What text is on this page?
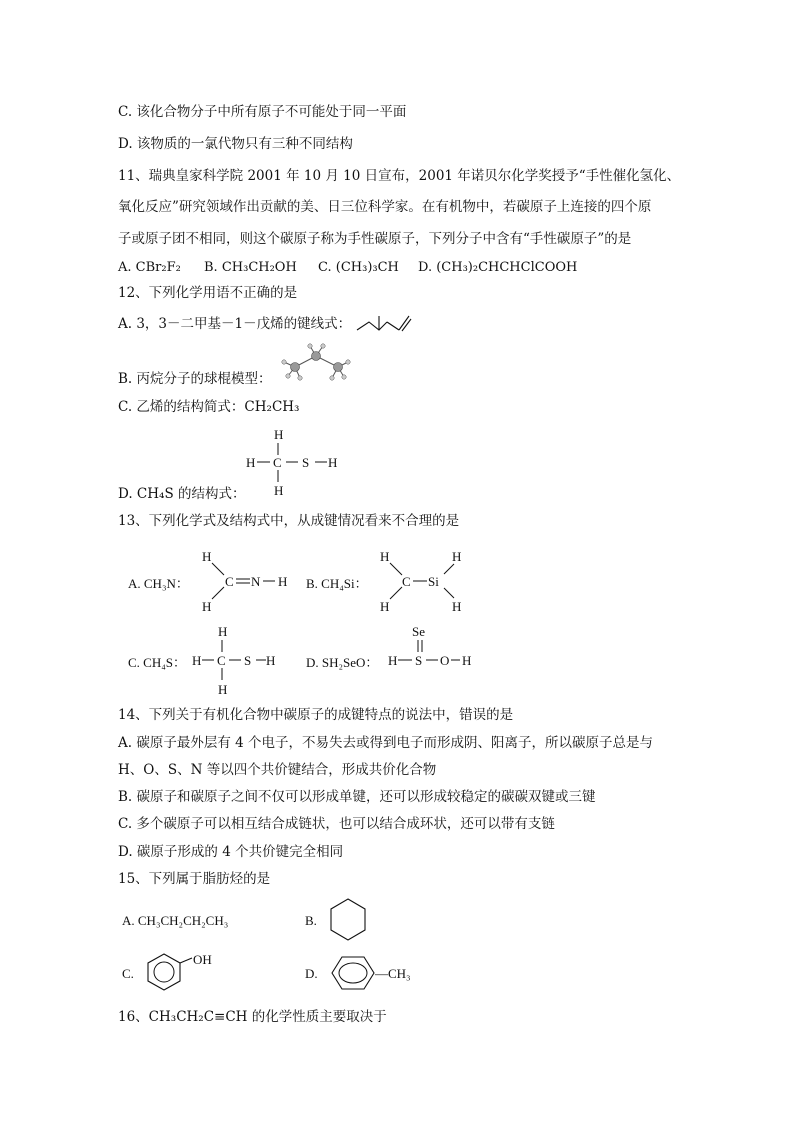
C. 该化合物分子中所有原子不可能处于同一平面
D. 该物质的一氯代物只有三种不同结构
11、瑞典皇家科学院 2001 年 10 月 10 日宣布，2001 年诺贝尔化学奖授予“手性催化氢化、
氧化反应”研究领域作出贡献的美、日三位科学家。在有机物中，若碳原子上连接的四个原
子或原子团不相同，则这个碳原子称为手性碳原子，下列分子中含有“手性碳原子”的是
A. CBr₂F₂ B. CH₃CH₂OH C. (CH₃)₃CH D. (CH₃)₂CHCHClCOOH
12、下列化学用语不正确的是
A. 3，3－二甲基－1－戊烯的键线式：
B. 丙烷分子的球棍模型：
C. 乙烯的结构简式：CH₂CH₃
H
H C S H
H
D. CH₄S 的结构式：
13、下列化学式及结构式中，从成键情况看来不合理的是
A. CH₃N：
H
H
C N H B. CH₄Si：
H
H
C Si
H
H
C. CH₄S：
H
H C S H
H
D. SH₂SeO：
Se
H S O H
14、下列关于有机化合物中碳原子的成键特点的说法中，错误的是
A. 碳原子最外层有 4 个电子，不易失去或得到电子而形成阴、阳离子，所以碳原子总是与
H、O、S、N 等以四个共价键结合，形成共价化合物
B. 碳原子和碳原子之间不仅可以形成单键，还可以形成较稳定的碳碳双键或三键
C. 多个碳原子可以相互结合成链状，也可以结合成环状，还可以带有支链
D. 碳原子形成的 4 个共价键完全相同
15、下列属于脂肪烃的是
A. CH₃CH₂CH₂CH₃	B.
C.
OH
D.	—CH₃
16、CH₃CH₂C≡CH 的化学性质主要取决于
